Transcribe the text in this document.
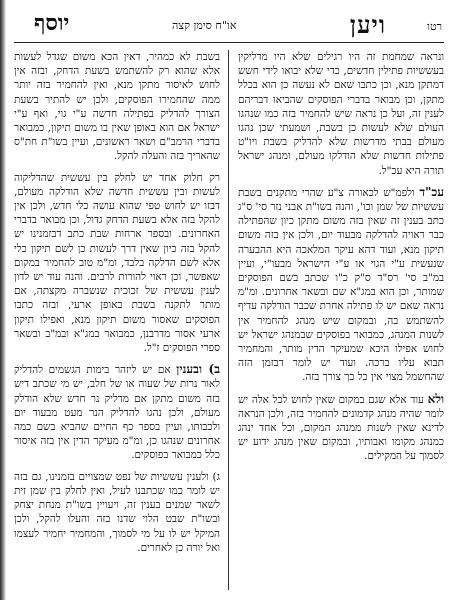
רטו
ויען
או"ח סימן קצה
יוסף

ונראה שמחמת זה היו רגילים שלא היו מדליקין בעששיות פתילין חדשים, כדי שלא יבואו לידי חשש דמתקן מנא, וכן כתבו שאם לא נעשה כן הוא בכלל מתקן, וכן מבואר בדברי הפוסקים שהביאו דבריהם לענין זה, ועל כן נראה שיש להחמיר בזה כמו שנהגו העולם שלא לעשות כן בשבת, ושמעתי שכן נהגו מעולם בבתי מדרשות שלא להדליק בשבת ויו"ט פתילות חדשות שלא הודלקו מעולם, ומנהג ישראל תורה היא עכ"ל.

עכ"ד ולפמ"ש לכאורה צ"ע שהרי מתקנים בשבת עששיות של שמן וכו', והנה בשו"ת אבני נזר סי' ס"ג כתב בענין זה שאין בזה משום מתקן כיון שהפתילה כבר ראויה להדלקה מבעוד יום, ולכן אין בזה משום תיקון מנא, ועוד דהא עיקר המלאכה היא ההבערה שנעשית ע"י הגוי או ע"י הישראל מבעו"י, ועיין במ"ב סי' רס"ד ס"ק כ"ו שכתב בשם הפוסקים שמותר, וכן הוא במג"א שם ובשאר אחרונים. ומ"מ נראה שאם יש לו פתילה אחרת שכבר הודלקה עדיף להשתמש בה, ובמקום שיש מנהג להחמיר אין לשנות המנהג, כמבואר בפוסקים שבמנהג ישראל יש לחוש אפילו היכא שמעיקר הדין מותר, והמחמיר תבוא עליו ברכה. ועוד יש לומר דבזמן הזה שהחשמל מצוי אין כל כך צורך בזה.

ולא עוד אלא שגם במקום שאין לחוש לכל אלה יש לומר שהיה מנהג קדמונים להחמיר בזה, ולכן הנראה לדינא שאין לשנות ממנהג המקום, וכל אחד ינהג כמנהג מקומו ואבותיו, ובמקום שאין מנהג ידוע יש לסמוך על המקילים.

בשבת לא כמהיר, דאין הכא משום שגדל לעשות אלא שהוא רק להשתמש בשעת הדחק, ובזה אין לחוש לאיסור מתקן מנא, ואין להחמיר בזה יותר ממה שהחמירו הפוסקים, ולכן יש להתיר בשעת הצורך להדליק בפתילה חדשה ע"י גוי, ואף ע"י ישראל אם הוא באופן שאין בו משום תיקון, כמבואר בדברי הרמב"ם ושאר ראשונים, ועיין בשו"ת חת"ס שהאריך בזה והעלה להקל.

רק חלוק אחד יש לחלק בין עששית שהדליקוה לעשות ובין עששית חדשה שלא הודלקה מעולם, דבזו יש לחוש טפי שהוא עושה כלי חדש, ולכן אין להקל בזה אלא בשעת הדחק גדול, וכן מבואר בדברי האחרונים. ובספר ארחות שבת כתב דבזמנינו יש להקל בזה כיון שאין דרך לעשות כן לשם תיקון כלי אלא לשם הדלקה בלבד, ומ"מ טוב להחמיר במקום שאפשר, וכן ראוי להורות לרבים. והנה עוד יש לדון לענין עששית של זכוכית שנשברה מקצתה, אם מותר לתקנה בשבת באופן ארעי, ובזה כתבו הפוסקים שאסור משום תיקון מנא, ואפילו תיקון ארעי אסור מדרבנן, כמבואר במג"א ובמ"ב ובשאר ספרי הפוסקים ז"ל.

ב) ובענין אם יש ליזהר בימות הגשמים להדליק לאור נרות של שעוה או של חלב, יש מי שכתב דיש בזה משום מתקן אם מדליק נר חדש שלא הודלק מעולם, ולכן נהגו להדליק הנר מעט מבעוד יום ולכבותו, ועיין בספר כף החיים שהביא בשם כמה אחרונים שנהגו כן, ומ"מ מעיקר הדין אין בזה איסור כלל כמבואר בפוסקים.

ג) ולענין עששיות של נפט שמצויים בזמנינו, גם בזה יש לומר כמו שכתבנו לעיל, ואין לחלק בין שמן זית לשאר שמנים בענין זה, ויעויין בשו"ת מנחת יצחק ובשו"ת שבט הלוי שדנו בזה והעלו להקל, ולכן המיקל יש לו על מי לסמוך, והמחמיר יחמיר לעצמו ואל יורה כן לאחרים.
